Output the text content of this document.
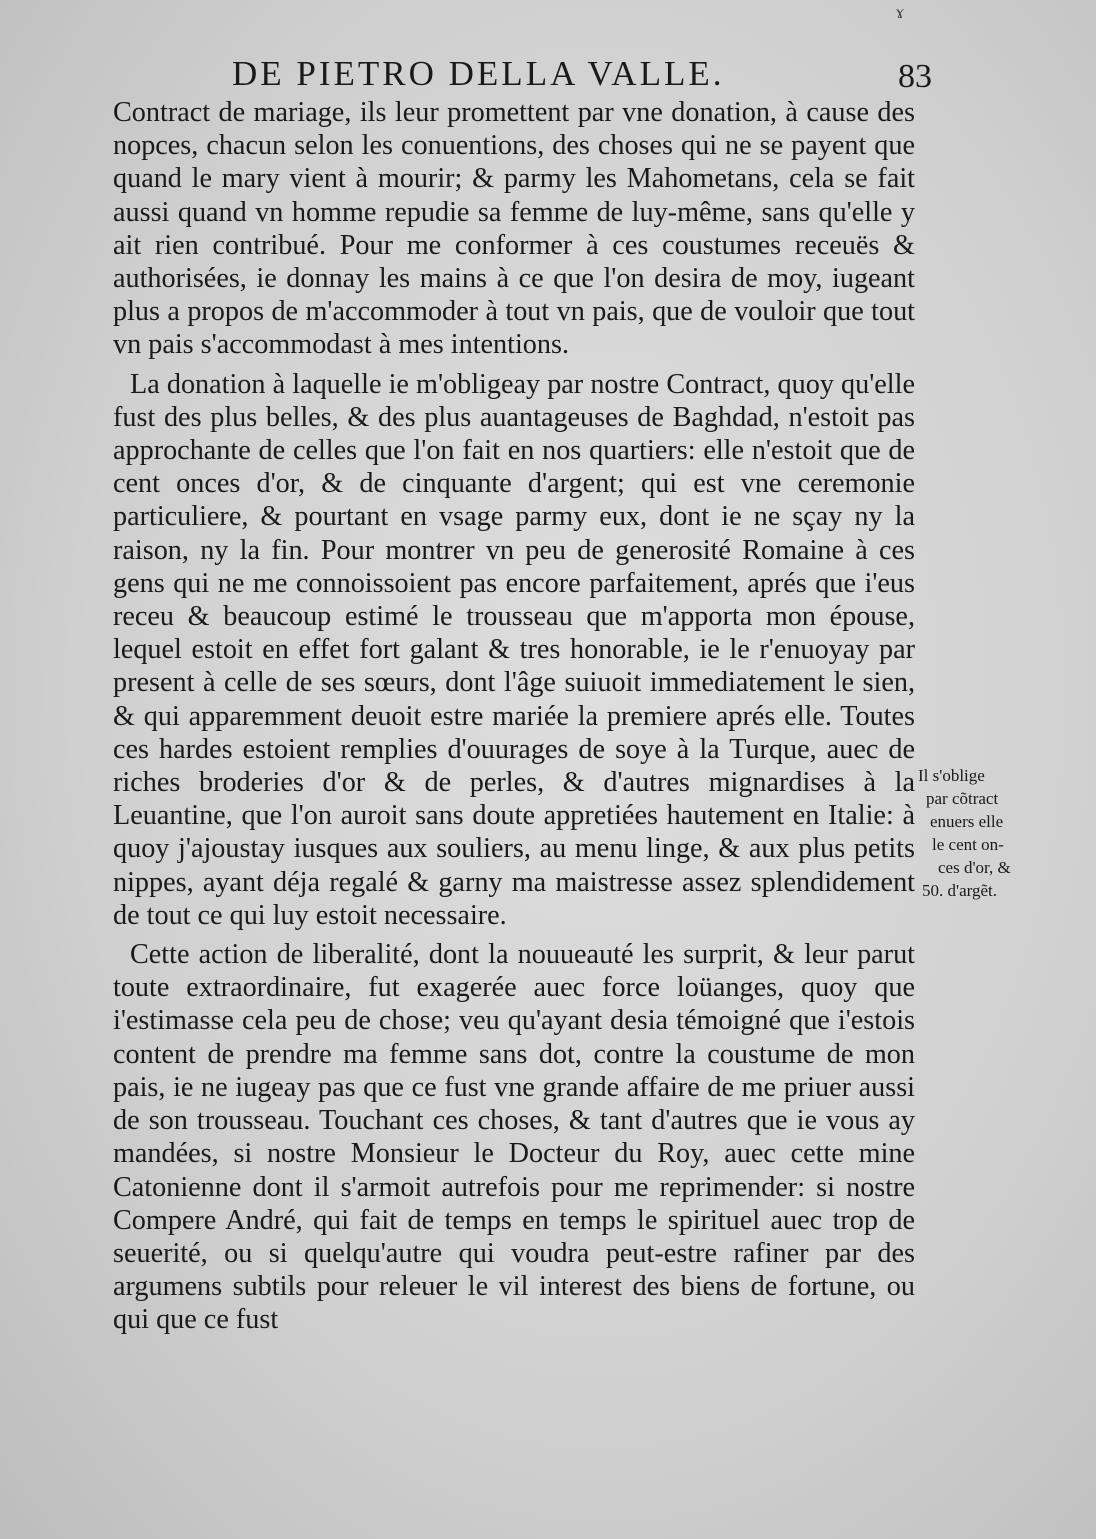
ɤ
DE PIETRO DELLA VALLE.	83

Contract de mariage, ils leur promettent par vne donation, à cause des nopces, chacun selon les conuentions, des choses qui ne se payent que quand le mary vient à mourir; & parmy les Mahometans, cela se fait aussi quand vn homme repudie sa femme de luy-même, sans qu'elle y ait rien contribué. Pour me conformer à ces coustumes receuës & authorisées, ie donnay les mains à ce que l'on desira de moy, iugeant plus a propos de m'accommoder à tout vn pais, que de vouloir que tout vn pais s'accommodast à mes intentions.

La donation à laquelle ie m'obligeay par nostre Contract, quoy qu'elle fust des plus belles, & des plus auantageuses de Baghdad, n'estoit pas approchante de celles que l'on fait en nos quartiers: elle n'estoit que de cent onces d'or, & de cinquante d'argent; qui est vne ceremonie particuliere, & pourtant en vsage parmy eux, dont ie ne sçay ny la raison, ny la fin. Pour montrer vn peu de generosité Romaine à ces gens qui ne me connoissoient pas encore parfaitement, aprés que i'eus receu & beaucoup estimé le trousseau que m'apporta mon épouse, lequel estoit en effet fort galant & tres honorable, ie le r'enuoyay par present à celle de ses sœurs, dont l'âge suiuoit immediatement le sien, & qui apparemment deuoit estre mariée la premiere aprés elle. Toutes ces hardes estoient remplies d'ouurages de soye à la Turque, auec de riches broderies d'or & de perles, & d'autres mignardises à la Leuantine, que l'on auroit sans doute appretiées hautement en Italie: à quoy j'ajoustay iusques aux souliers, au menu linge, & aux plus petits nippes, ayant déja regalé & garny ma maistresse assez splendidement de tout ce qui luy estoit necessaire.

Cette action de liberalité, dont la nouueauté les surprit, & leur parut toute extraordinaire, fut exagerée auec force loüanges, quoy que i'estimasse cela peu de chose; veu qu'ayant desia témoigné que i'estois content de prendre ma femme sans dot, contre la coustume de mon pais, ie ne iugeay pas que ce fust vne grande affaire de me priuer aussi de son trousseau. Touchant ces choses, & tant d'autres que ie vous ay mandées, si nostre Monsieur le Docteur du Roy, auec cette mine Catonienne dont il s'armoit autrefois pour me reprimender: si nostre Compere André, qui fait de temps en temps le spirituel auec trop de seuerité, ou si quelqu'autre qui voudra peut-estre rafiner par des argumens subtils pour releuer le vil interest des biens de fortune, ou qui que ce fust

Il s'oblige
par cõtract
enuers elle
le cent on-
ces d'or, &
50. d'argẽt.
